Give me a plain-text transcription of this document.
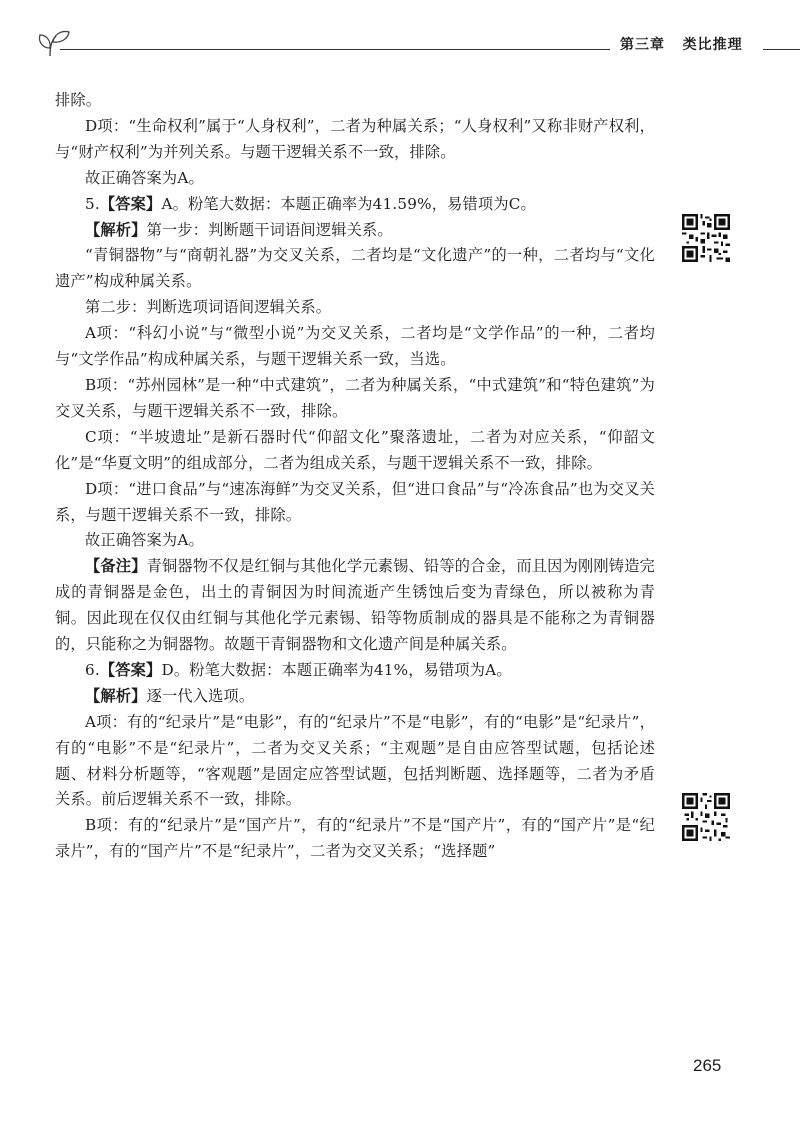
第三章 类比推理

排除。

D项：“生命权利”属于“人身权利”，二者为种属关系；“人身权利”又称非财产权利，与“财产权利”为并列关系。与题干逻辑关系不一致，排除。

故正确答案为A。

5.【答案】A。粉笔大数据：本题正确率为41.59%，易错项为C。

【解析】第一步：判断题干词语间逻辑关系。

“青铜器物”与“商朝礼器”为交叉关系，二者均是“文化遗产”的一种，二者均与“文化遗产”构成种属关系。

第二步：判断选项词语间逻辑关系。

A项：“科幻小说”与“微型小说”为交叉关系，二者均是“文学作品”的一种，二者均与“文学作品”构成种属关系，与题干逻辑关系一致，当选。

B项：“苏州园林”是一种“中式建筑”，二者为种属关系，“中式建筑”和“特色建筑”为交叉关系，与题干逻辑关系不一致，排除。

C项：“半坡遗址”是新石器时代“仰韶文化”聚落遗址，二者为对应关系，“仰韶文化”是“华夏文明”的组成部分，二者为组成关系，与题干逻辑关系不一致，排除。

D项：“进口食品”与“速冻海鲜”为交叉关系，但“进口食品”与“冷冻食品”也为交叉关系，与题干逻辑关系不一致，排除。

故正确答案为A。

【备注】青铜器物不仅是红铜与其他化学元素锡、铅等的合金，而且因为刚刚铸造完成的青铜器是金色，出土的青铜因为时间流逝产生锈蚀后变为青绿色，所以被称为青铜。因此现在仅仅由红铜与其他化学元素锡、铅等物质制成的器具是不能称之为青铜器的，只能称之为铜器物。故题干青铜器物和文化遗产间是种属关系。

6.【答案】D。粉笔大数据：本题正确率为41%，易错项为A。

【解析】逐一代入选项。

A项：有的“纪录片”是“电影”，有的“纪录片”不是“电影”，有的“电影”是“纪录片”，有的“电影”不是“纪录片”，二者为交叉关系；“主观题”是自由应答型试题，包括论述题、材料分析题等，“客观题”是固定应答型试题，包括判断题、选择题等，二者为矛盾关系。前后逻辑关系不一致，排除。

B项：有的“纪录片”是“国产片”，有的“纪录片”不是“国产片”，有的“国产片”是“纪录片”，有的“国产片”不是“纪录片”，二者为交叉关系；“选择题”

265
